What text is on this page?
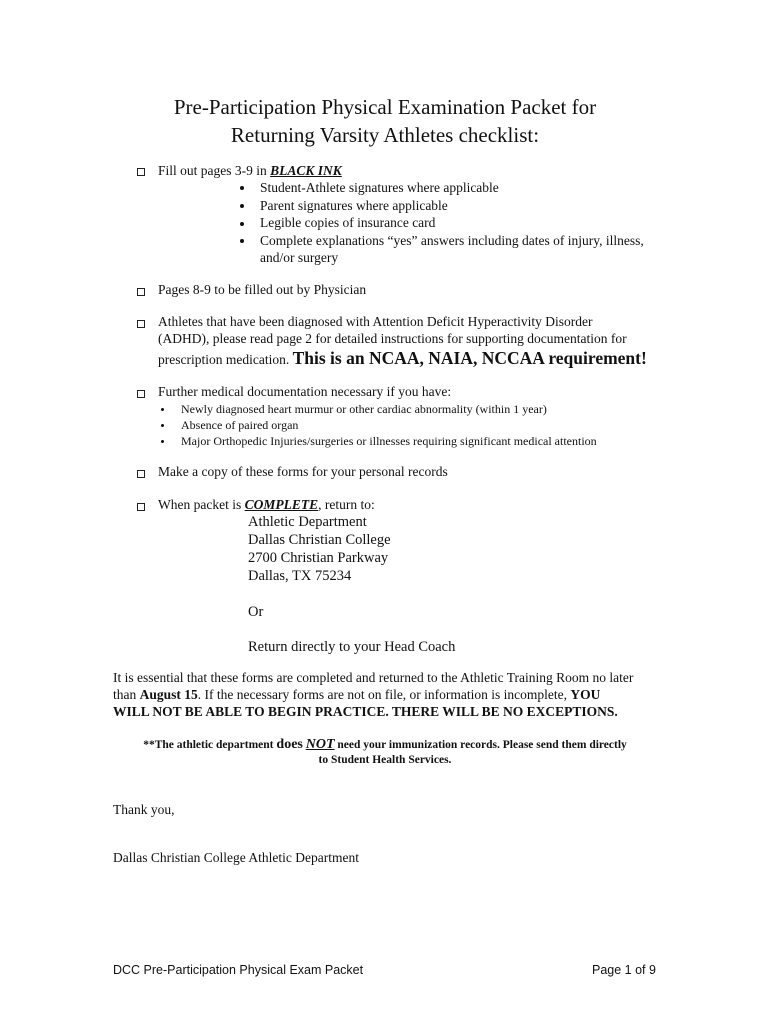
Pre-Participation Physical Examination Packet for
Returning Varsity Athletes checklist:
Fill out pages 3-9 in BLACK INK
Student-Athlete signatures where applicable
Parent signatures where applicable
Legible copies of insurance card
Complete explanations “yes” answers including dates of injury, illness,
and/or surgery
Pages 8-9 to be filled out by Physician
Athletes that have been diagnosed with Attention Deficit Hyperactivity Disorder
(ADHD), please read page 2 for detailed instructions for supporting documentation for
prescription medication. This is an NCAA, NAIA, NCCAA requirement!
Further medical documentation necessary if you have:
Newly diagnosed heart murmur or other cardiac abnormality (within 1 year)
Absence of paired organ
Major Orthopedic Injuries/surgeries or illnesses requiring significant medical attention
Make a copy of these forms for your personal records
When packet is COMPLETE, return to:
Athletic Department
Dallas Christian College
2700 Christian Parkway
Dallas, TX 75234
Or
Return directly to your Head Coach
It is essential that these forms are completed and returned to the Athletic Training Room no later
than August 15. If the necessary forms are not on file, or information is incomplete, YOU
WILL NOT BE ABLE TO BEGIN PRACTICE. THERE WILL BE NO EXCEPTIONS.
**The athletic department does NOT need your immunization records. Please send them directly
to Student Health Services.
Thank you,
Dallas Christian College Athletic Department
DCC Pre-Participation Physical Exam Packet	Page 1 of 9
